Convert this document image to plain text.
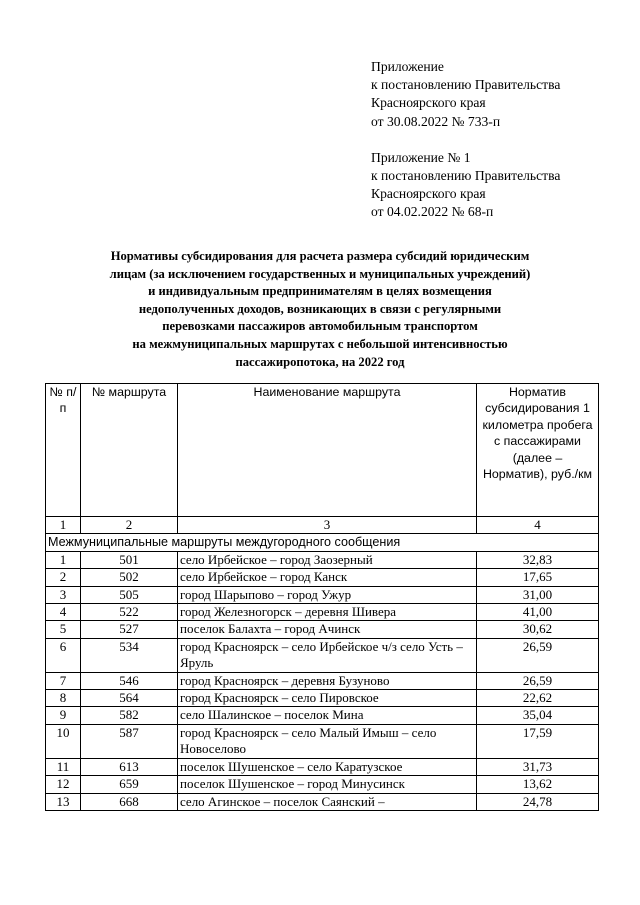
Приложение
к постановлению Правительства
Красноярского края
от 30.08.2022 № 733-п
Приложение № 1
к постановлению Правительства
Красноярского края
от 04.02.2022 № 68-п
Нормативы субсидирования для расчета размера субсидий юридическим
лицам (за исключением государственных и муниципальных учреждений)
и индивидуальным предпринимателям в целях возмещения
недополученных доходов, возникающих в связи с регулярными
перевозками пассажиров автомобильным транспортом
на межмуниципальных маршрутах с небольшой интенсивностью
пассажиропотока, на 2022 год
№ п/п	№ маршрута	Наименование маршрута	Норматив субсидирования 1 километра пробега с пассажирами (далее – Норматив), руб./км
1	2	3	4
Межмуниципальные маршруты междугородного сообщения			
1	501	село Ирбейское – город Заозерный	32,83
2	502	село Ирбейское – город Канск	17,65
3	505	город Шарыпово – город Ужур	31,00
4	522	город Железногорск – деревня Шивера	41,00
5	527	поселок Балахта – город Ачинск	30,62
6	534	город Красноярск – село Ирбейское ч/з село Усть – Яруль	26,59
7	546	город Красноярск – деревня Бузуново	26,59
8	564	город Красноярск – село Пировское	22,62
9	582	село Шалинское – поселок Мина	35,04
10	587	город Красноярск – село Малый Имыш – село Новоселово	17,59
11	613	поселок Шушенское – село Каратузское	31,73
12	659	поселок Шушенское – город Минусинск	13,62
13	668	село Агинское – поселок Саянский –	24,78
